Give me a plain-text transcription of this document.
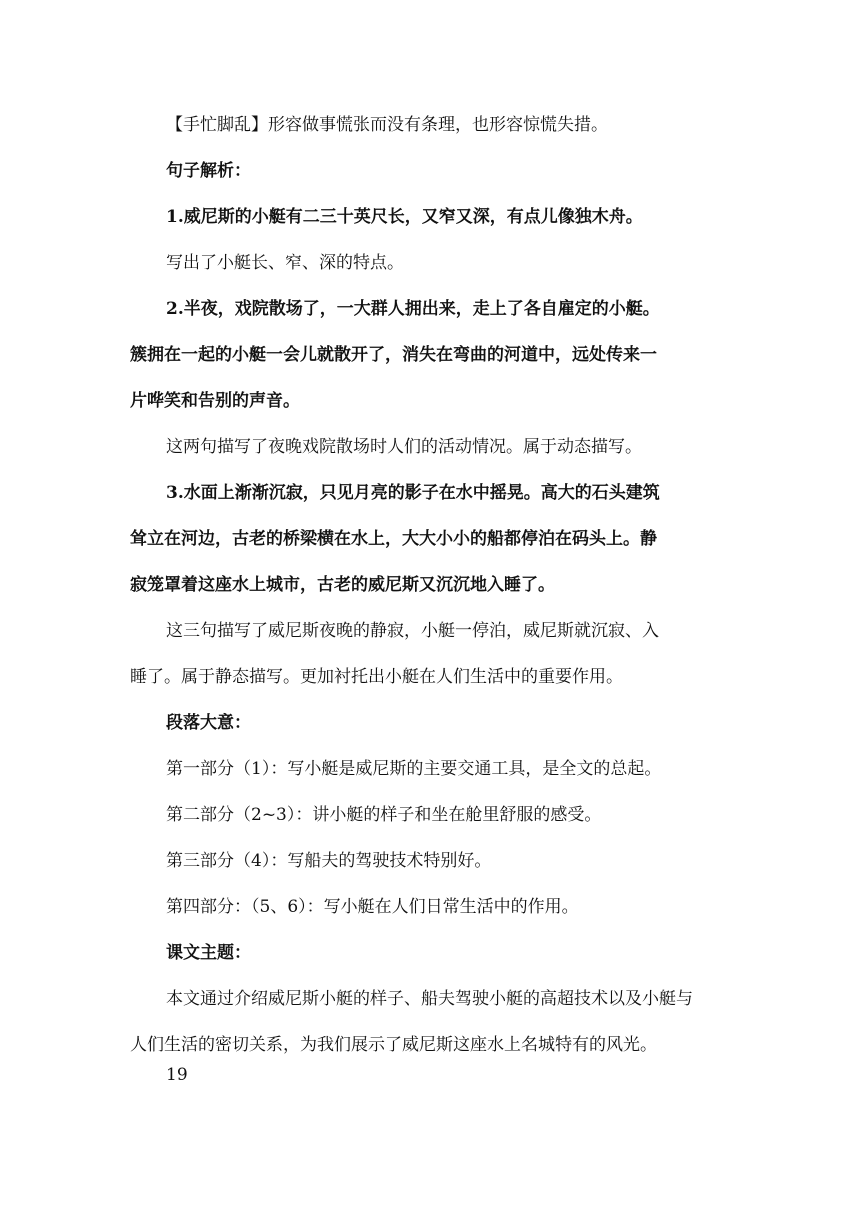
【手忙脚乱】形容做事慌张而没有条理，也形容惊慌失措。

句子解析：

1.威尼斯的小艇有二三十英尺长，又窄又深，有点儿像独木舟。

写出了小艇长、窄、深的特点。

2.半夜，戏院散场了，一大群人拥出来，走上了各自雇定的小艇。
簇拥在一起的小艇一会儿就散开了，消失在弯曲的河道中，远处传来一
片哗笑和告别的声音。

这两句描写了夜晚戏院散场时人们的活动情况。属于动态描写。

3.水面上渐渐沉寂，只见月亮的影子在水中摇晃。高大的石头建筑
耸立在河边，古老的桥梁横在水上，大大小小的船都停泊在码头上。静
寂笼罩着这座水上城市，古老的威尼斯又沉沉地入睡了。
这三句描写了威尼斯夜晚的静寂，小艇一停泊，威尼斯就沉寂、入
睡了。属于静态描写。更加衬托出小艇在人们生活中的重要作用。

段落大意：

第一部分（1）：写小艇是威尼斯的主要交通工具，是全文的总起。

第二部分（2~3）：讲小艇的样子和坐在舱里舒服的感受。

第三部分（4）：写船夫的驾驶技术特别好。

第四部分：（5、6）：写小艇在人们日常生活中的作用。

课文主题：

本文通过介绍威尼斯小艇的样子、船夫驾驶小艇的高超技术以及小艇与
人们生活的密切关系，为我们展示了威尼斯这座水上名城特有的风光。
19
